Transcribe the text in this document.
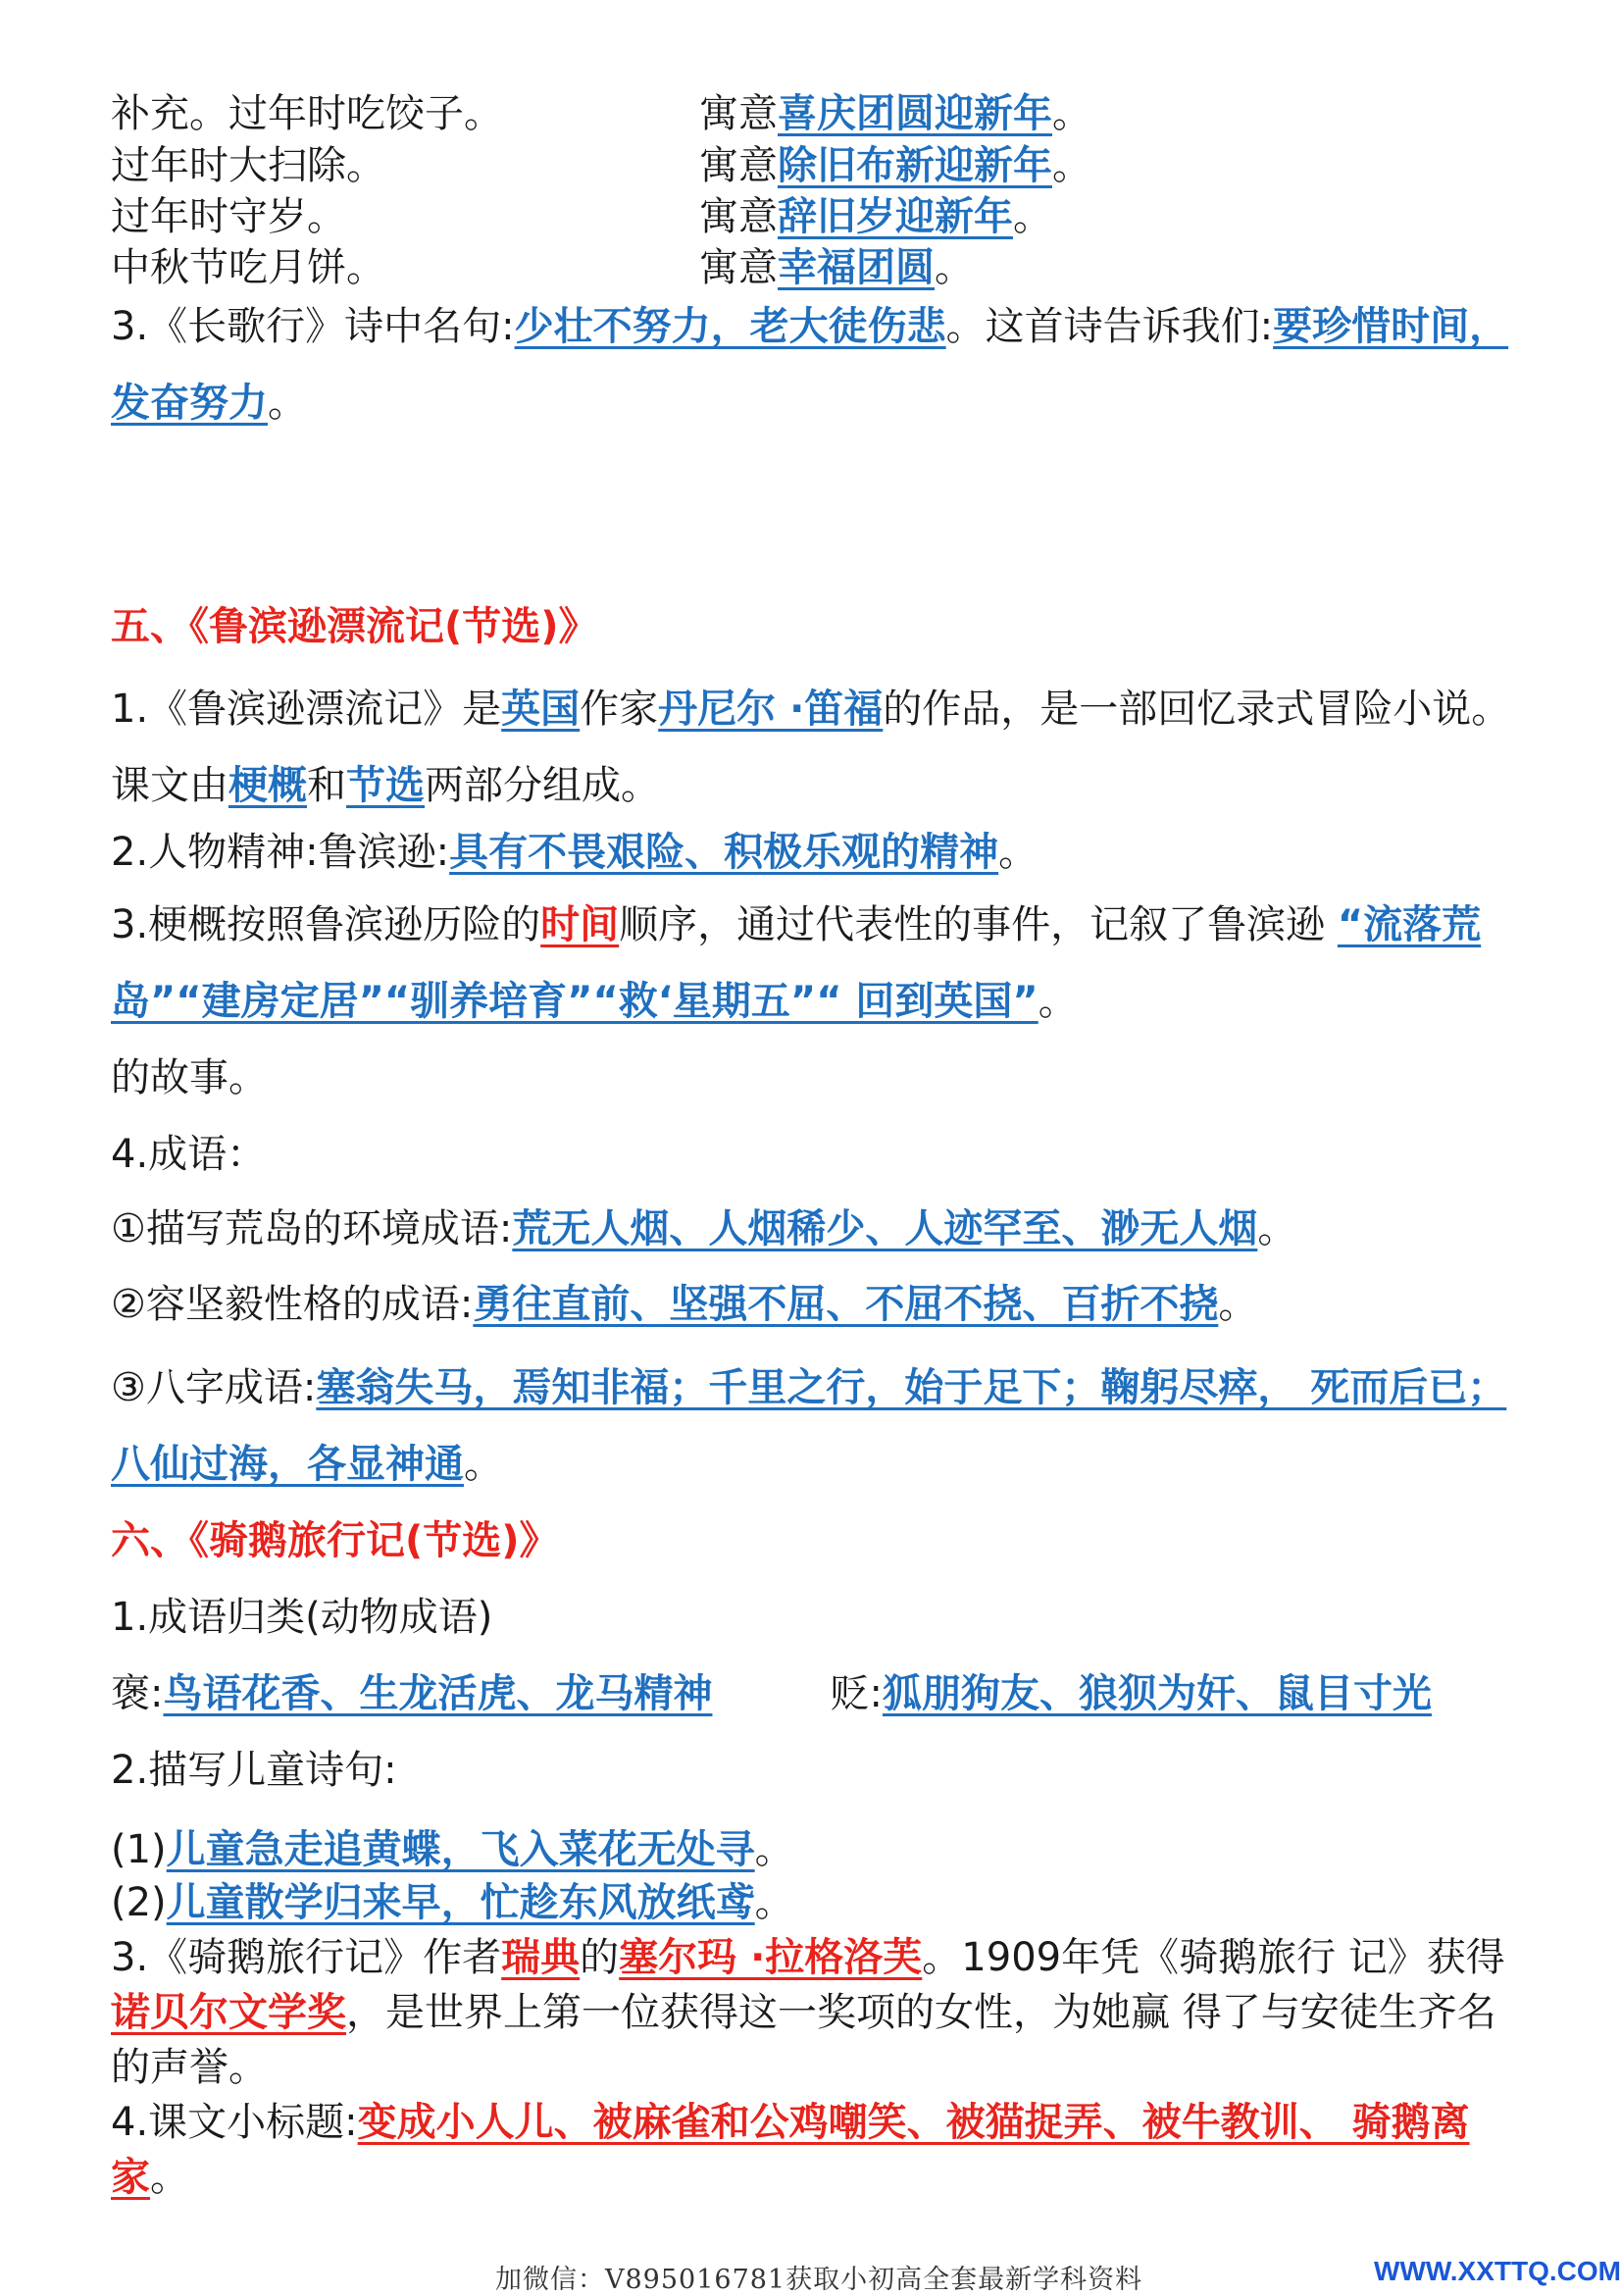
补充。过年时吃饺子。	寓意喜庆团圆迎新年。
过年时大扫除。	寓意除旧布新迎新年。
过年时守岁。	寓意辞旧岁迎新年。
中秋节吃月饼。	寓意幸福团圆。
3.《长歌行》诗中名句:少壮不努力，老大徒伤悲。这首诗告诉我们:要珍惜时间，发奋努力。
五、《鲁滨逊漂流记(节选)》
1.《鲁滨逊漂流记》是英国作家丹尼尔 ·笛福的作品，是一部回忆录式冒险小说。课文由梗概和节选两部分组成。
2.人物精神:鲁滨逊:具有不畏艰险、积极乐观的精神。
3.梗概按照鲁滨逊历险的时间顺序，通过代表性的事件，记叙了鲁滨逊 “流落荒岛”“建房定居”“驯养培育”“救‘星期五”“ 回到英国”。
的故事。
4.成语：
①描写荒岛的环境成语:荒无人烟、人烟稀少、人迹罕至、渺无人烟。
②容坚毅性格的成语:勇往直前、坚强不屈、不屈不挠、百折不挠。
③八字成语:塞翁失马，焉知非福；千里之行，始于足下；鞠躬尽瘁， 死而后已；八仙过海，各显神通。
六、《骑鹅旅行记(节选)》
1.成语归类(动物成语)
褒:鸟语花香、生龙活虎、龙马精神	贬:狐朋狗友、狼狈为奸、鼠目寸光
2.描写儿童诗句:
(1)儿童急走追黄蝶，飞入菜花无处寻。
(2)儿童散学归来早，忙趁东风放纸鸢。
3.《骑鹅旅行记》作者瑞典的塞尔玛 ·拉格洛芙。1909年凭《骑鹅旅行 记》获得诺贝尔文学奖，是世界上第一位获得这一奖项的女性，为她赢 得了与安徒生齐名的声誉。
4.课文小标题:变成小人儿、被麻雀和公鸡嘲笑、被猫捉弄、被牛教训、 骑鹅离家。
加微信：V895016781获取小初高全套最新学科资料	WWW.XXTTQ.COM
